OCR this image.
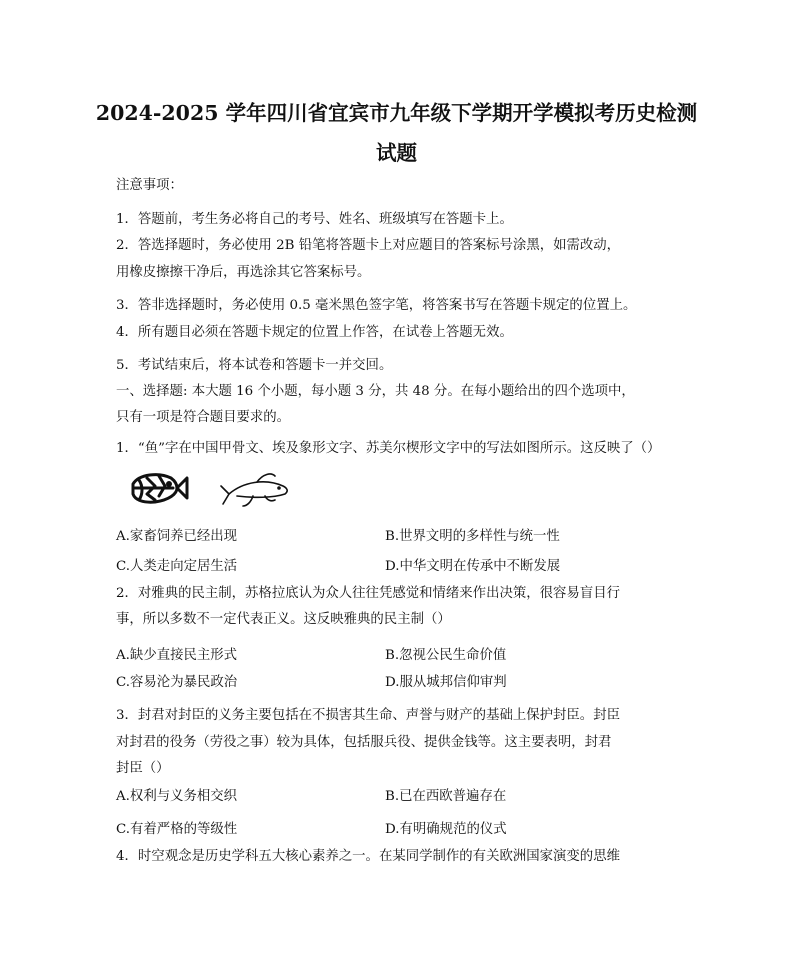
2024-2025 学年四川省宜宾市九年级下学期开学模拟考历史检测
试题
注意事项：
1．答题前，考生务必将自己的考号、姓名、班级填写在答题卡上。
2．答选择题时，务必使用 2B 铅笔将答题卡上对应题目的答案标号涂黑，如需改动，
用橡皮擦擦干净后，再选涂其它答案标号。
3．答非选择题时，务必使用 0.5 毫米黑色签字笔，将答案书写在答题卡规定的位置上。
4．所有题目必须在答题卡规定的位置上作答，在试卷上答题无效。
5．考试结束后，将本试卷和答题卡一并交回。
一、选择题: 本大题 16 个小题，每小题 3 分，共 48 分。在每小题给出的四个选项中，
只有一项是符合题目要求的。
1．“鱼”字在中国甲骨文、埃及象形文字、苏美尔楔形文字中的写法如图所示。这反映了（）
A.家畜饲养已经出现	B.世界文明的多样性与统一性
C.人类走向定居生活	D.中华文明在传承中不断发展
2．对雅典的民主制，苏格拉底认为众人往往凭感觉和情绪来作出决策，很容易盲目行
事，所以多数不一定代表正义。这反映雅典的民主制（）
A.缺少直接民主形式	B.忽视公民生命价值
C.容易沦为暴民政治	D.服从城邦信仰审判
3．封君对封臣的义务主要包括在不损害其生命、声誉与财产的基础上保护封臣。封臣
对封君的役务（劳役之事）较为具体，包括服兵役、提供金钱等。这主要表明，封君
封臣（）
A.权利与义务相交织	B.已在西欧普遍存在
C.有着严格的等级性	D.有明确规范的仪式
4．时空观念是历史学科五大核心素养之一。在某同学制作的有关欧洲国家演变的思维
